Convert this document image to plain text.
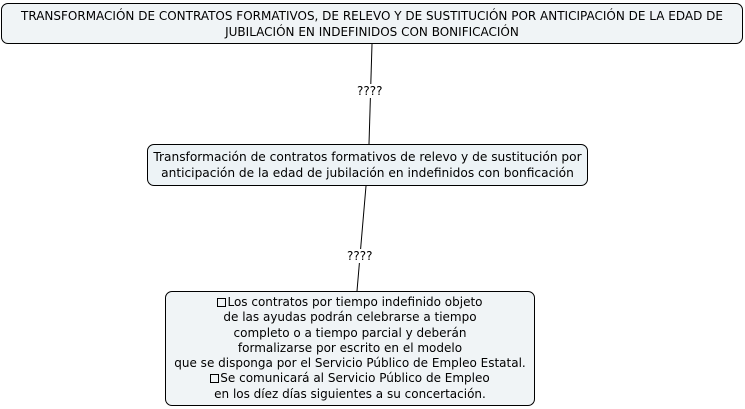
TRANSFORMACIÓN DE CONTRATOS FORMATIVOS, DE RELEVO Y DE SUSTITUCIÓN POR ANTICIPACIÓN DE LA EDAD DE
JUBILACIÓN EN INDEFINIDOS CON BONIFICACIÓN
????
Transformación de contratos formativos de relevo y de sustitución por
anticipación de la edad de jubilación en indefinidos con bonficación
????
Los contratos por tiempo indefinido objeto
de las ayudas podrán celebrarse a tiempo
completo o a tiempo parcial y deberán
formalizarse por escrito en el modelo
que se disponga por el Servicio Público de Empleo Estatal.
Se comunicará al Servicio Público de Empleo
en los díez días siguientes a su concertación.
